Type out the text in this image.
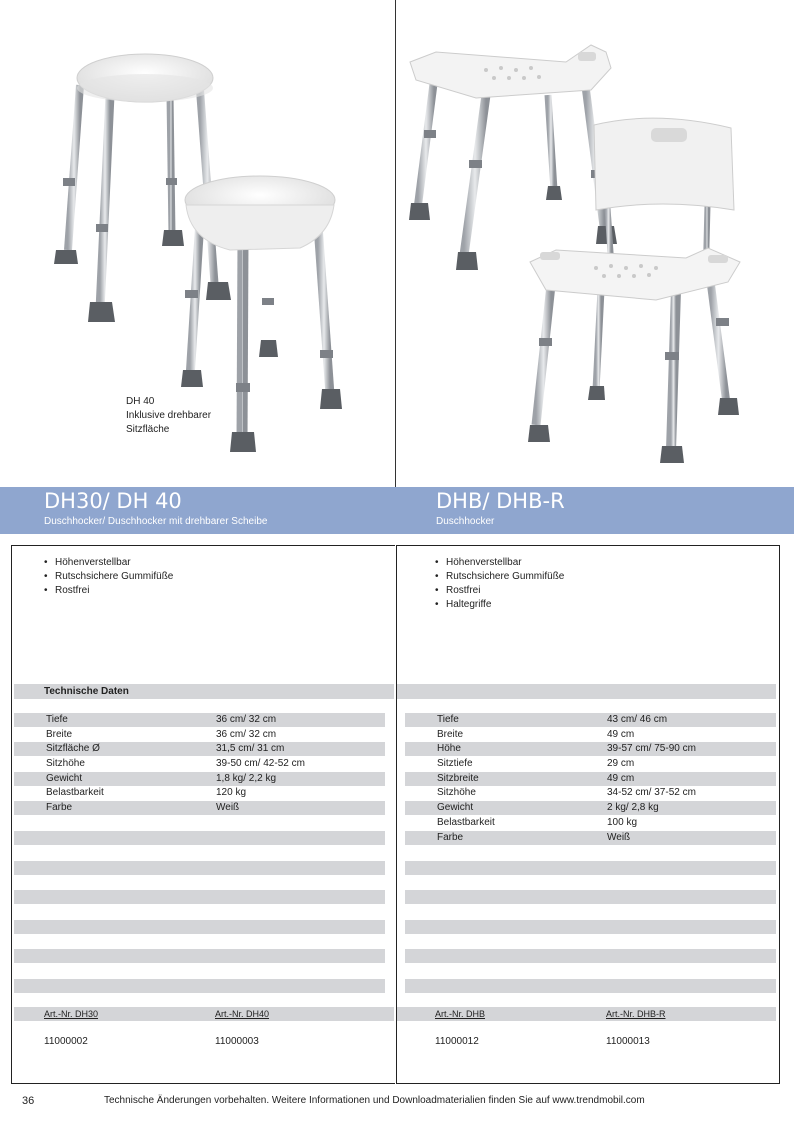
DH 40
Inklusive drehbarer
Sitzfläche
DH30/ DH 40
Duschhocker/ Duschhocker mit drehbarer Scheibe
DHB/ DHB-R
Duschhocker
• Höhenverstellbar
• Rutschsichere Gummifüße
• Rostfrei
• Höhenverstellbar
• Rutschsichere Gummifüße
• Rostfrei
• Haltegriffe
Technische Daten
Tiefe	36 cm/ 32 cm
Breite	36 cm/ 32 cm
Sitzfläche Ø	31,5 cm/ 31 cm
Sitzhöhe	39-50 cm/ 42-52 cm
Gewicht	1,8 kg/ 2,2 kg
Belastbarkeit	120 kg
Farbe	Weiß
Tiefe	43 cm/ 46 cm
Breite	49 cm
Höhe	39-57 cm/ 75-90 cm
Sitztiefe	29 cm
Sitzbreite	49 cm
Sitzhöhe	34-52 cm/ 37-52 cm
Gewicht	2 kg/ 2,8 kg
Belastbarkeit	100 kg
Farbe	Weiß
Art.-Nr. DH30	Art.-Nr. DH40
11000002	11000003
Art.-Nr. DHB	Art.-Nr. DHB-R
11000012	11000013
36	Technische Änderungen vorbehalten. Weitere Informationen und Downloadmaterialien finden Sie auf www.trendmobil.com
